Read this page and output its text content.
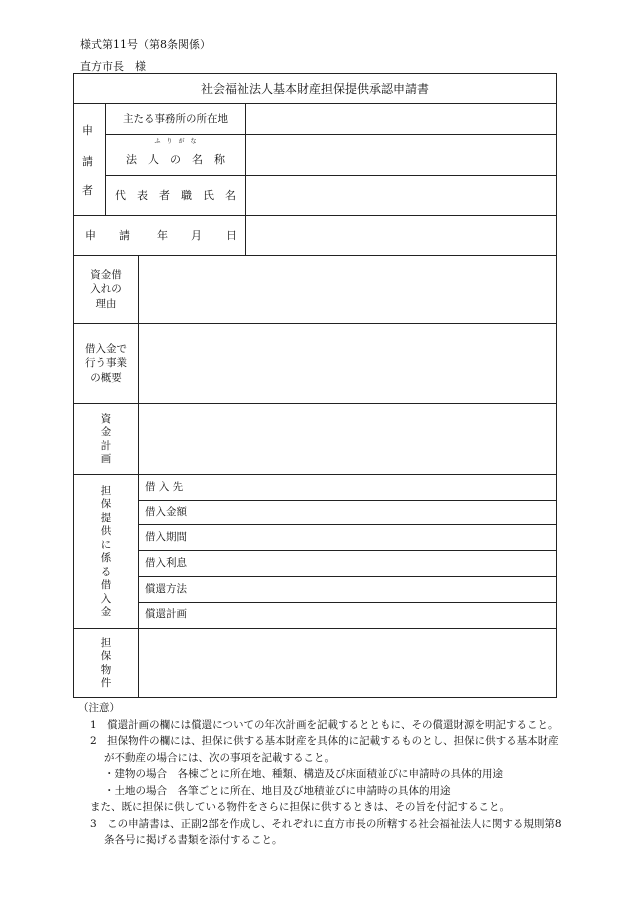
様式第11号（第8条関係）
直方市長　様
社会福祉法人基本財産担保提供承認申請書
申
請
者
主たる事務所の所在地
ふ　り　が　な
法　人　の　名　称
代　表　者　職　氏　名
申 請 年 月 日
資金借
入れの
理由
借入金で
行う事業
の概要
資
金
計
画
担
保
提
供
に
係
る
借
入
金
借 入 先
借入金額
借入期間
借入利息
償還方法
償還計画
担
保
物
件
（注意）
1　償還計画の欄には償還についての年次計画を記載するとともに、その償還財源を明記すること。
2　担保物件の欄には、担保に供する基本財産を具体的に記載するものとし、担保に供する基本財産が不動産の場合には、次の事項を記載すること。
・建物の場合　各棟ごとに所在地、種類、構造及び床面積並びに申請時の具体的用途
・土地の場合　各筆ごとに所在、地目及び地積並びに申請時の具体的用途
また、既に担保に供している物件をさらに担保に供するときは、その旨を付記すること。
3　この申請書は、正副2部を作成し、それぞれに直方市長の所轄する社会福祉法人に関する規則第8条各号に掲げる書類を添付すること。
